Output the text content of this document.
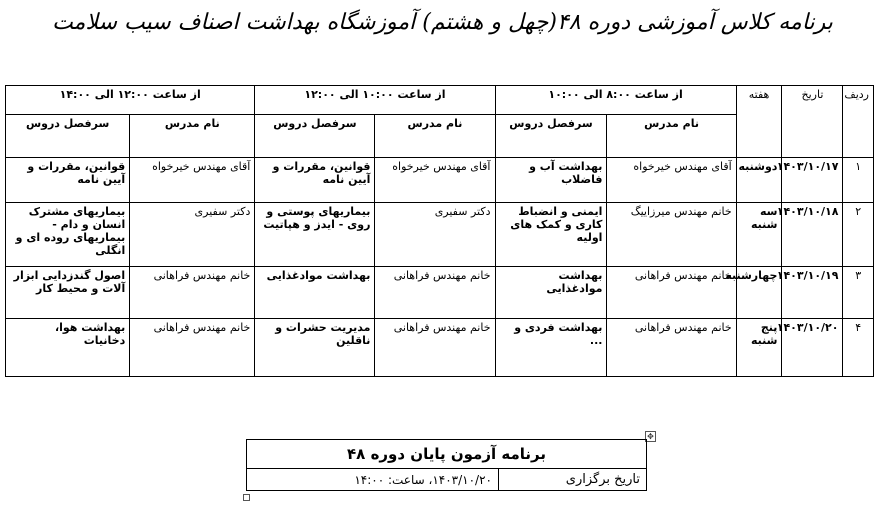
برنامه کلاس آموزشی دوره ۴۸(چهل و هشتم) آموزشگاه بهداشت اصناف سیب سلامت
ردیف	تاریخ	هفته	از ساعت ۸:۰۰ الی ۱۰:۰۰		از ساعت ۱۰:۰۰ الی ۱۲:۰۰		از ساعت ۱۲:۰۰ الی ۱۴:۰۰	
			نام مدرس	سرفصل دروس	نام مدرس	سرفصل دروس	نام مدرس	سرفصل دروس
۱	۱۴۰۳/۱۰/۱۷	دوشنبه	آقای مهندس خیرخواه	بهداشت آب و فاضلاب	آقای مهندس خیرخواه	قوانین، مقررات و آیین نامه	آقای مهندس خیرخواه	قوانین، مقررات و آیین نامه
۲	۱۴۰۳/۱۰/۱۸	سه شنبه	خانم مهندس میرزاییگ	ایمنی و انضباط کاری و کمک های اولیه	دکتر سفیری	بیماریهای پوستی و روی - ایدز و هپاتیت	دکتر سفیری	بیماریهای مشترک انسان و دام - بیماریهای روده ای و انگلی
۳	۱۴۰۳/۱۰/۱۹	چهارشنبه	خانم مهندس فراهانی	بهداشت موادغذایی	خانم مهندس فراهانی	بهداشت موادغذایی	خانم مهندس فراهانی	اصول گندزدایی ابزار آلات و محیط کار
۴	۱۴۰۳/۱۰/۲۰	پنج شنبه	خانم مهندس فراهانی	بهداشت فردی و ...	خانم مهندس فراهانی	مدیریت حشرات و ناقلین	خانم مهندس فراهانی	بهداشت هوا، دخانیات
✥
برنامه آزمون پایان دوره ۴۸
تاریخ برگزاری	۱۴۰۳/۱۰/۲۰، ساعت: ۱۴:۰۰
